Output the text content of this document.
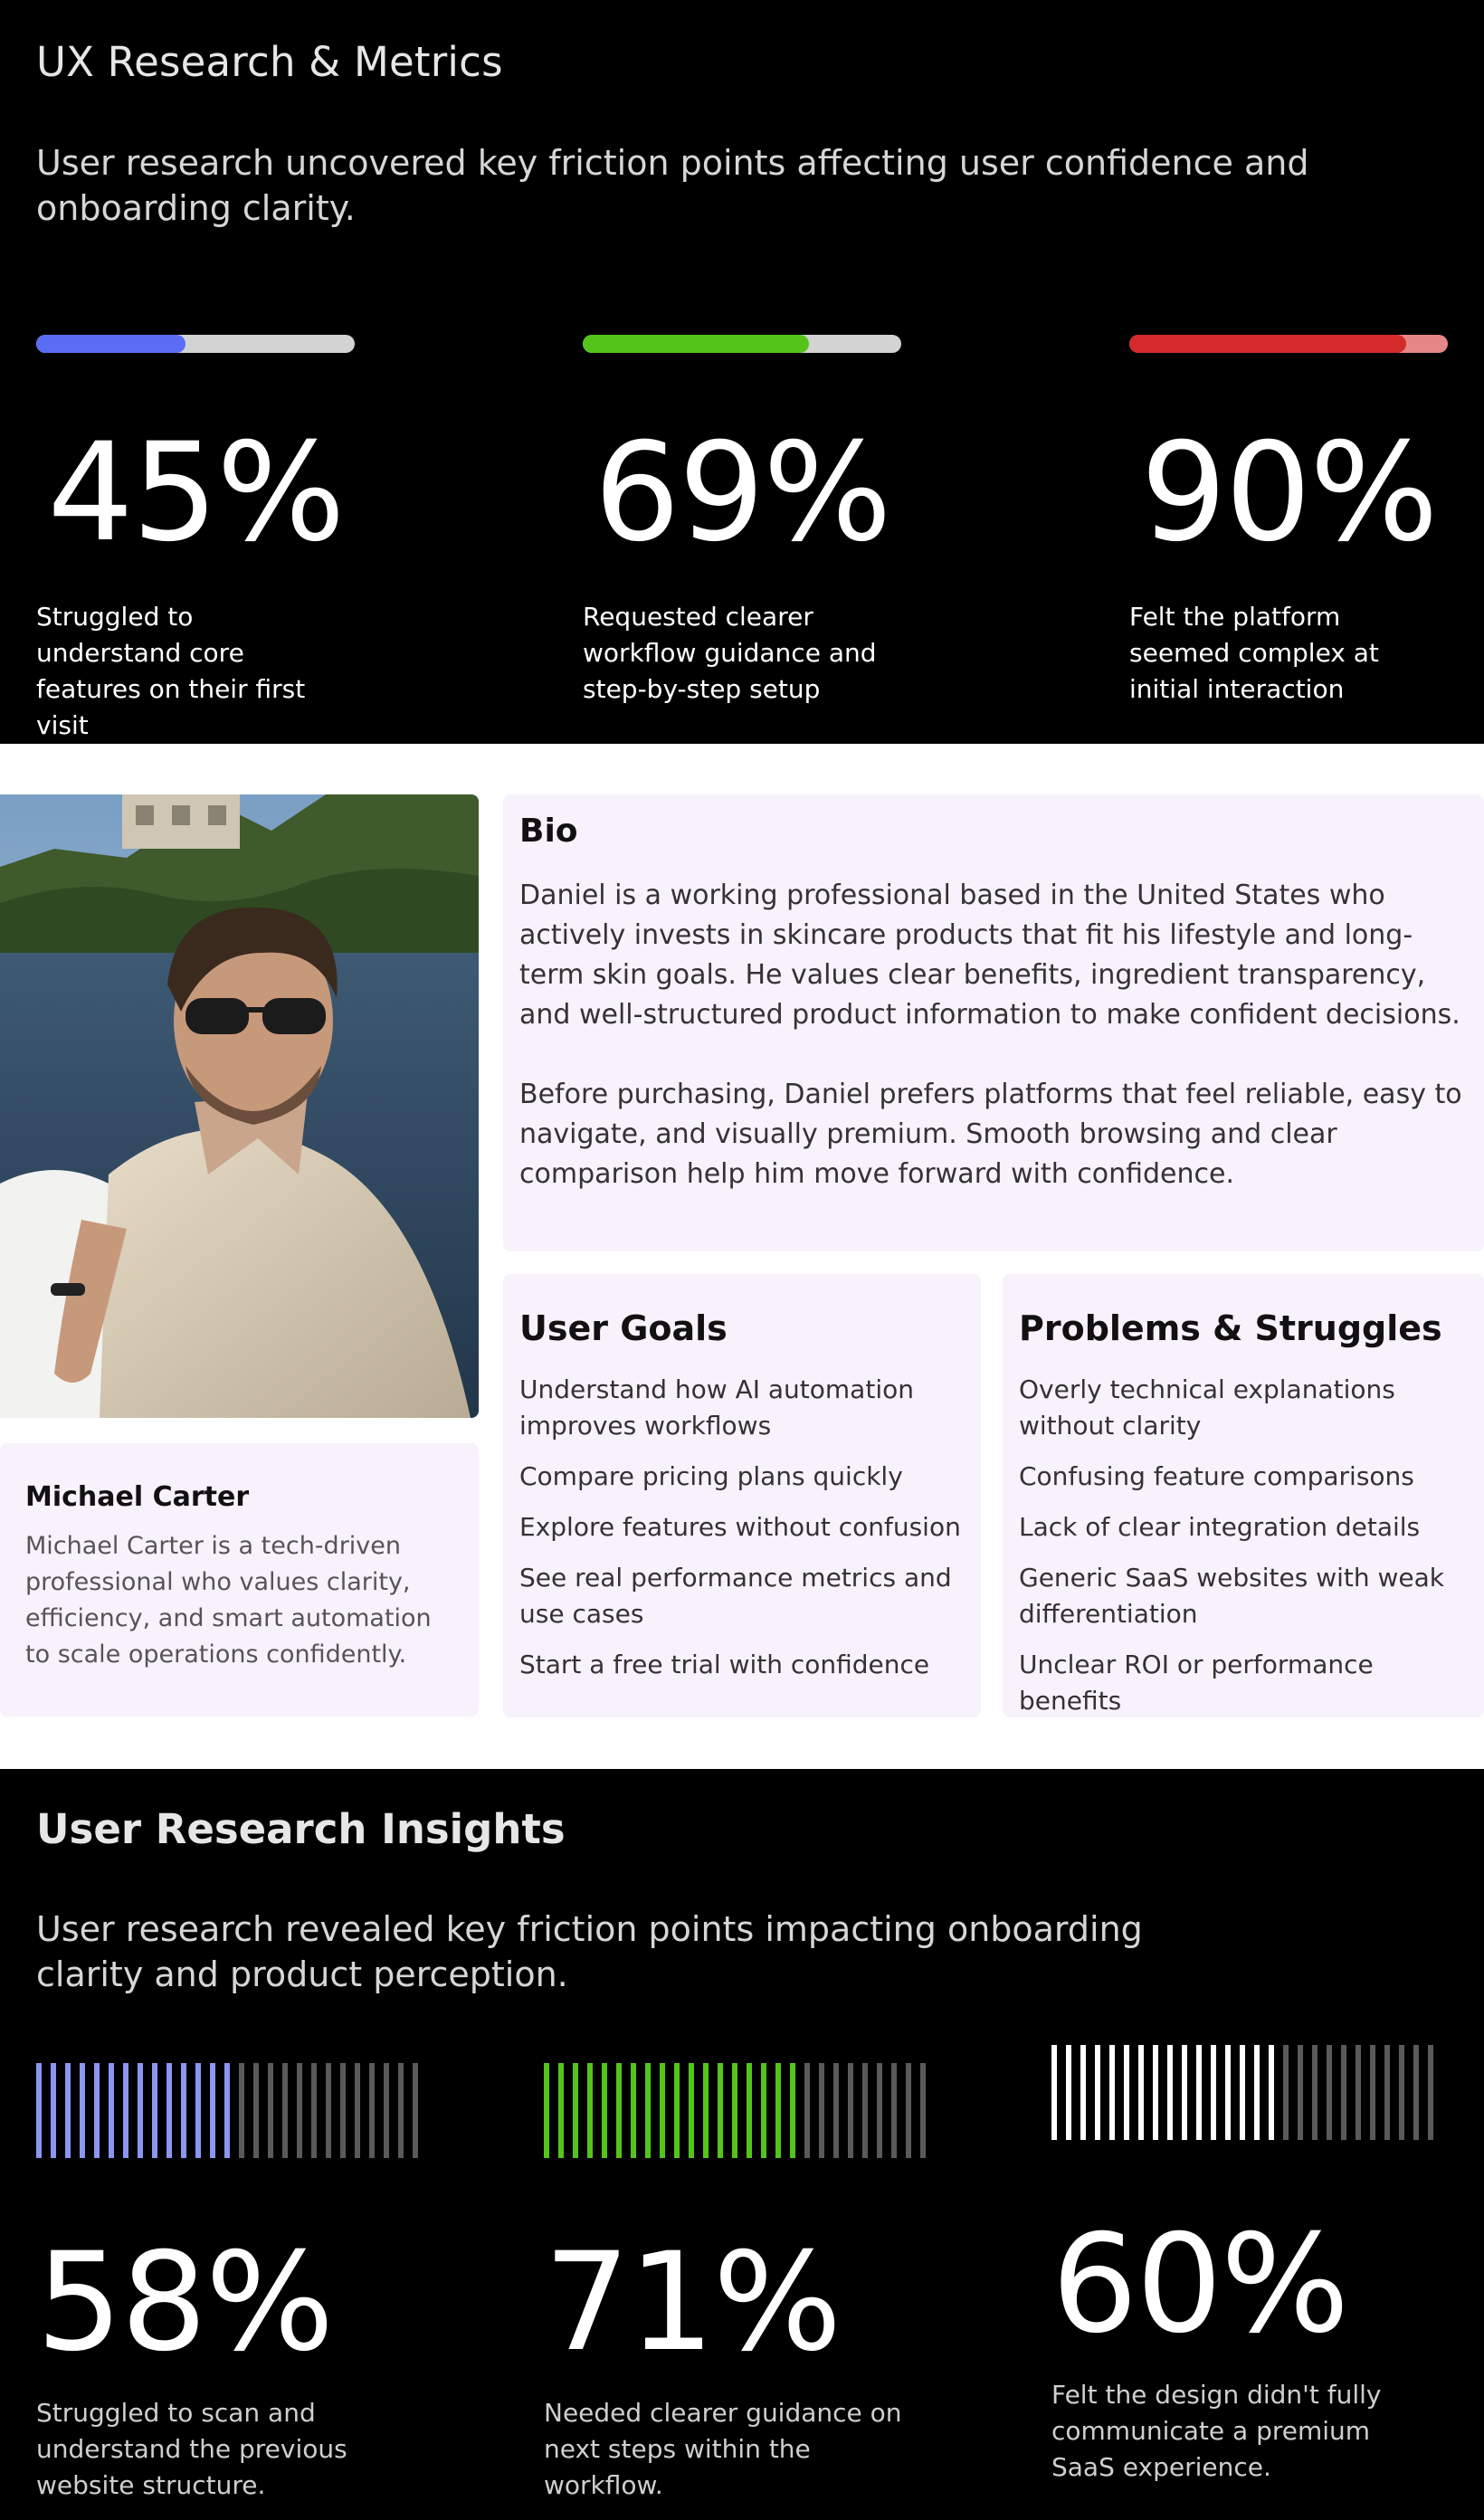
UX Research & Metrics

User research uncovered key friction points affecting user confidence and onboarding clarity.

45%

Struggled to understand core features on their first visit

69%

Requested clearer workflow guidance and step-by-step setup

90%

Felt the platform seemed complex at initial interaction

Michael Carter

Michael Carter is a tech-driven professional who values clarity, efficiency, and smart automation to scale operations confidently.

Bio

Daniel is a working professional based in the United States who actively invests in skincare products that fit his lifestyle and long-term skin goals. He values clear benefits, ingredient transparency, and well-structured product information to make confident decisions.

Before purchasing, Daniel prefers platforms that feel reliable, easy to navigate, and visually premium. Smooth browsing and clear comparison help him move forward with confidence.

User Goals
Understand how AI automation improves workflows
Compare pricing plans quickly
Explore features without confusion
See real performance metrics and use cases
Start a free trial with confidence
Problems & Struggles
Overly technical explanations without clarity
Confusing feature comparisons
Lack of clear integration details
Generic SaaS websites with weak differentiation
Unclear ROI or performance benefits
User Research Insights

User research revealed key friction points impacting onboarding clarity and product perception.

58%

Struggled to scan and understand the previous website structure.

71%

Needed clearer guidance on next steps within the workflow.

60%

Felt the design didn't fully communicate a premium SaaS experience.
